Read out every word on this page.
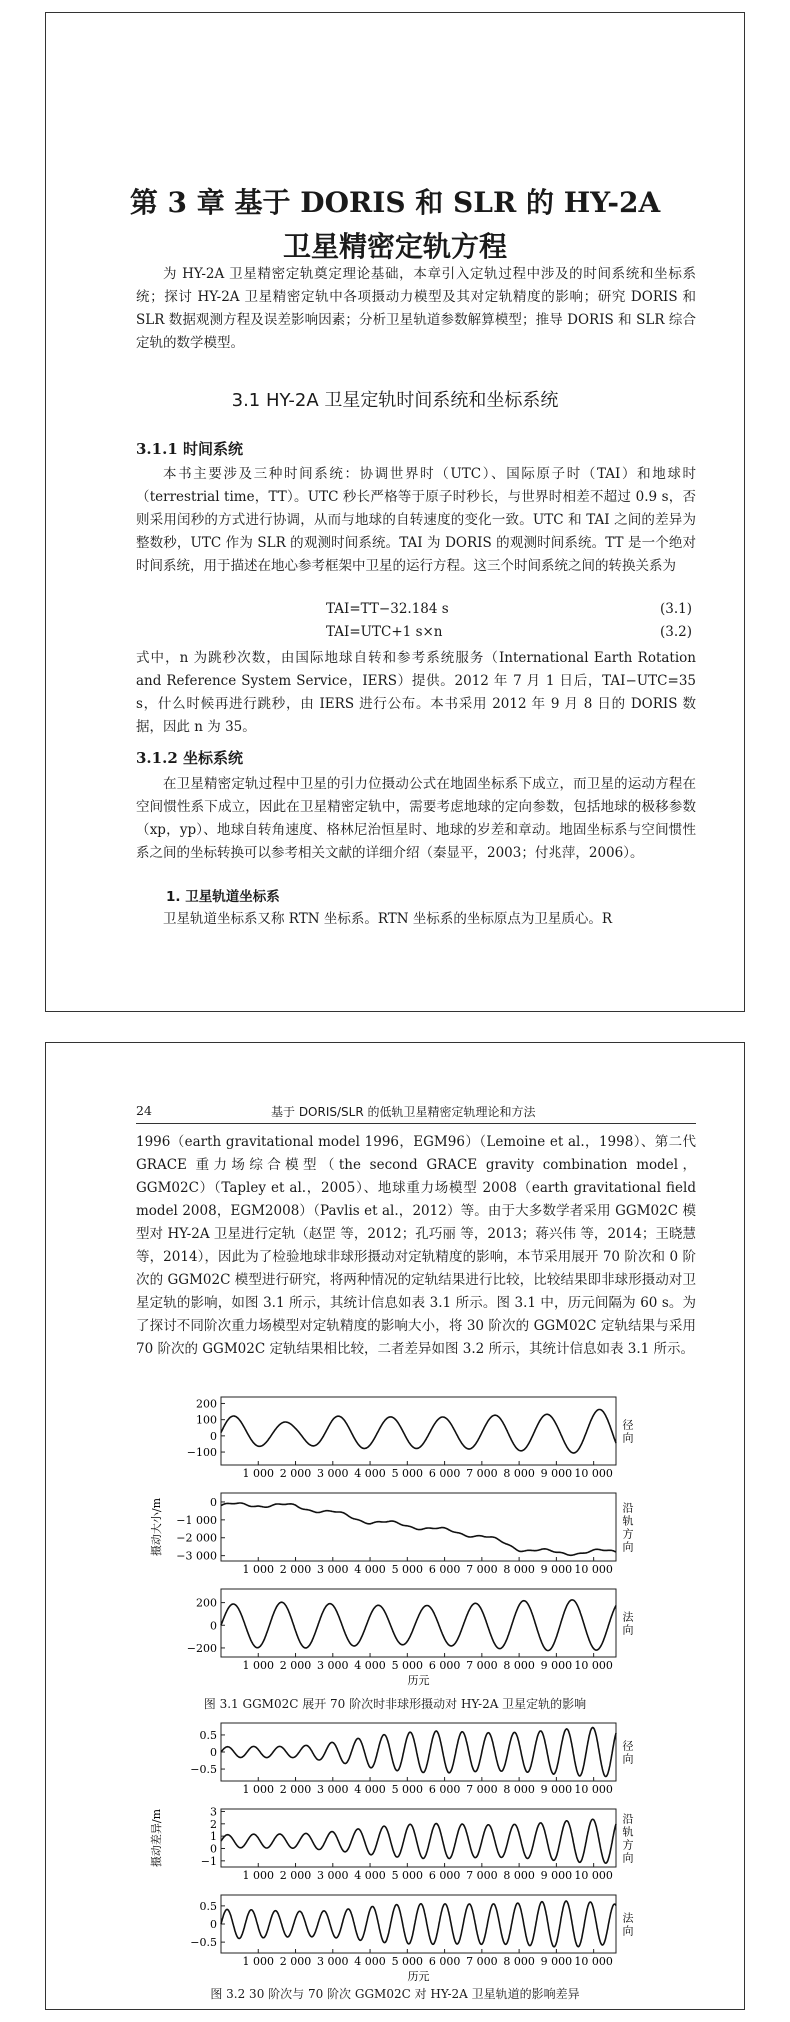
第 3 章 基于 DORIS 和 SLR 的 HY-2A
卫星精密定轨方程

为 HY-2A 卫星精密定轨奠定理论基础，本章引入定轨过程中涉及的时间系统和坐标系统；探讨 HY-2A 卫星精密定轨中各项摄动力模型及其对定轨精度的影响；研究 DORIS 和 SLR 数据观测方程及误差影响因素；分析卫星轨道参数解算模型；推导 DORIS 和 SLR 综合定轨的数学模型。

3.1 HY-2A 卫星定轨时间系统和坐标系统
3.1.1 时间系统

本书主要涉及三种时间系统：协调世界时（UTC）、国际原子时（TAI）和地球时（terrestrial time，TT）。UTC 秒长严格等于原子时秒长，与世界时相差不超过 0.9 s，否则采用闰秒的方式进行协调，从而与地球的自转速度的变化一致。UTC 和 TAI 之间的差异为整数秒，UTC 作为 SLR 的观测时间系统。TAI 为 DORIS 的观测时间系统。TT 是一个绝对时间系统，用于描述在地心参考框架中卫星的运行方程。这三个时间系统之间的转换关系为

TAI=TT−32.184 s	(3.1)
TAI=UTC+1 s×n	(3.2)

式中，n 为跳秒次数，由国际地球自转和参考系统服务（International Earth Rotation and Reference System Service，IERS）提供。2012 年 7 月 1 日后，TAI−UTC=35 s，什么时候再进行跳秒，由 IERS 进行公布。本书采用 2012 年 9 月 8 日的 DORIS 数据，因此 n 为 35。

3.1.2 坐标系统

在卫星精密定轨过程中卫星的引力位摄动公式在地固坐标系下成立，而卫星的运动方程在空间惯性系下成立，因此在卫星精密定轨中，需要考虑地球的定向参数，包括地球的极移参数（xp，yp）、地球自转角速度、格林尼治恒星时、地球的岁差和章动。地固坐标系与空间惯性系之间的坐标转换可以参考相关文献的详细介绍（秦显平，2003；付兆萍，2006）。

1. 卫星轨道坐标系

卫星轨道坐标系又称 RTN 坐标系。RTN 坐标系的坐标原点为卫星质心。R

24	基于 DORIS/SLR 的低轨卫星精密定轨理论和方法

1996（earth gravitational model 1996，EGM96）（Lemoine et al.，1998）、第二代 GRACE 重力场综合模型（the second GRACE gravity combination model，GGM02C）（Tapley et al.，2005）、地球重力场模型 2008（earth gravitational field model 2008，EGM2008）（Pavlis et al.，2012）等。由于大多数学者采用 GGM02C 模型对 HY-2A 卫星进行定轨（赵罡 等，2012；孔巧丽 等，2013；蒋兴伟 等，2014；王晓慧 等，2014），因此为了检验地球非球形摄动对定轨精度的影响，本节采用展开 70 阶次和 0 阶次的 GGM02C 模型进行研究，将两种情况的定轨结果进行比较，比较结果即非球形摄动对卫星定轨的影响，如图 3.1 所示，其统计信息如表 3.1 所示。图 3.1 中，历元间隔为 60 s。为了探讨不同阶次重力场模型对定轨精度的影响大小，将 30 阶次的 GGM02C 定轨结果与采用 70 阶次的 GGM02C 定轨结果相比较，二者差异如图 3.2 所示，其统计信息如表 3.1 所示。

200
100
0
−100
1 000 2 000 3 000 4 000 5 000 6 000 7 000 8 000 9 000 10 000
径
向
0
−1 000
−2 000
−3 000
1 000 2 000 3 000 4 000 5 000 6 000 7 000 8 000 9 000 10 000
沿
轨
方
向
200
0
−200
1 000 2 000 3 000 4 000 5 000 6 000 7 000 8 000 9 000 10 000
法
向
摄动大小/m
历元
图 3.1 GGM02C 展开 70 阶次时非球形摄动对 HY-2A 卫星定轨的影响
0.5
0
−0.5
1 000 2 000 3 000 4 000 5 000 6 000 7 000 8 000 9 000 10 000
径
向
3
2
1
0
−1
1 000 2 000 3 000 4 000 5 000 6 000 7 000 8 000 9 000 10 000
沿
轨
方
向
0.5
0
−0.5
1 000 2 000 3 000 4 000 5 000 6 000 7 000 8 000 9 000 10 000
法
向
摄动差异/m
历元
图 3.2 30 阶次与 70 阶次 GGM02C 对 HY-2A 卫星轨道的影响差异
